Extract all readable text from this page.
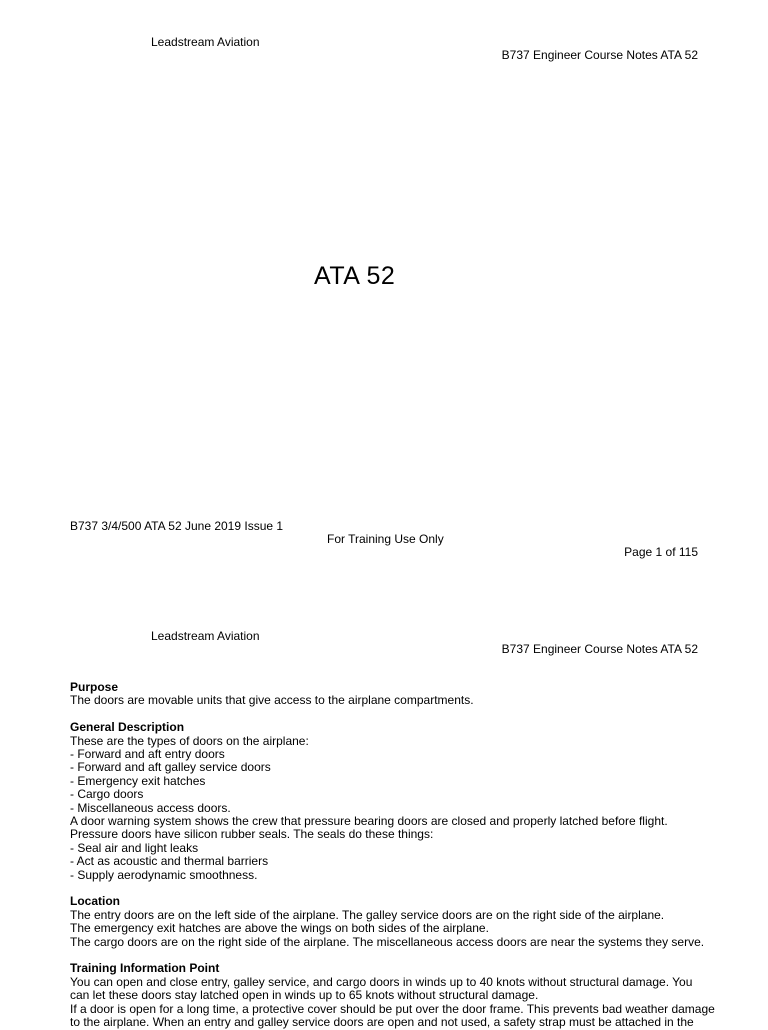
Leadstream Aviation
B737 Engineer Course Notes ATA 52
ATA 52
B737 3/4/500 ATA 52 June 2019 Issue 1
For Training Use Only
Page 1 of 115
Leadstream Aviation
B737 Engineer Course Notes ATA 52
Purpose
The doors are movable units that give access to the airplane compartments.
General Description
These are the types of doors on the airplane:
- Forward and aft entry doors
- Forward and aft galley service doors
- Emergency exit hatches
- Cargo doors
- Miscellaneous access doors.
A door warning system shows the crew that pressure bearing doors are closed and properly latched before flight.
Pressure doors have silicon rubber seals. The seals do these things:
- Seal air and light leaks
- Act as acoustic and thermal barriers
- Supply aerodynamic smoothness.
Location
The entry doors are on the left side of the airplane. The galley service doors are on the right side of the airplane.
The emergency exit hatches are above the wings on both sides of the airplane.
The cargo doors are on the right side of the airplane. The miscellaneous access doors are near the systems they serve.
Training Information Point
You can open and close entry, galley service, and cargo doors in winds up to 40 knots without structural damage. You
can let these doors stay latched open in winds up to 65 knots without structural damage.
If a door is open for a long time, a protective cover should be put over the door frame. This prevents bad weather damage
to the airplane. When an entry and galley service doors are open and not used, a safety strap must be attached in the
